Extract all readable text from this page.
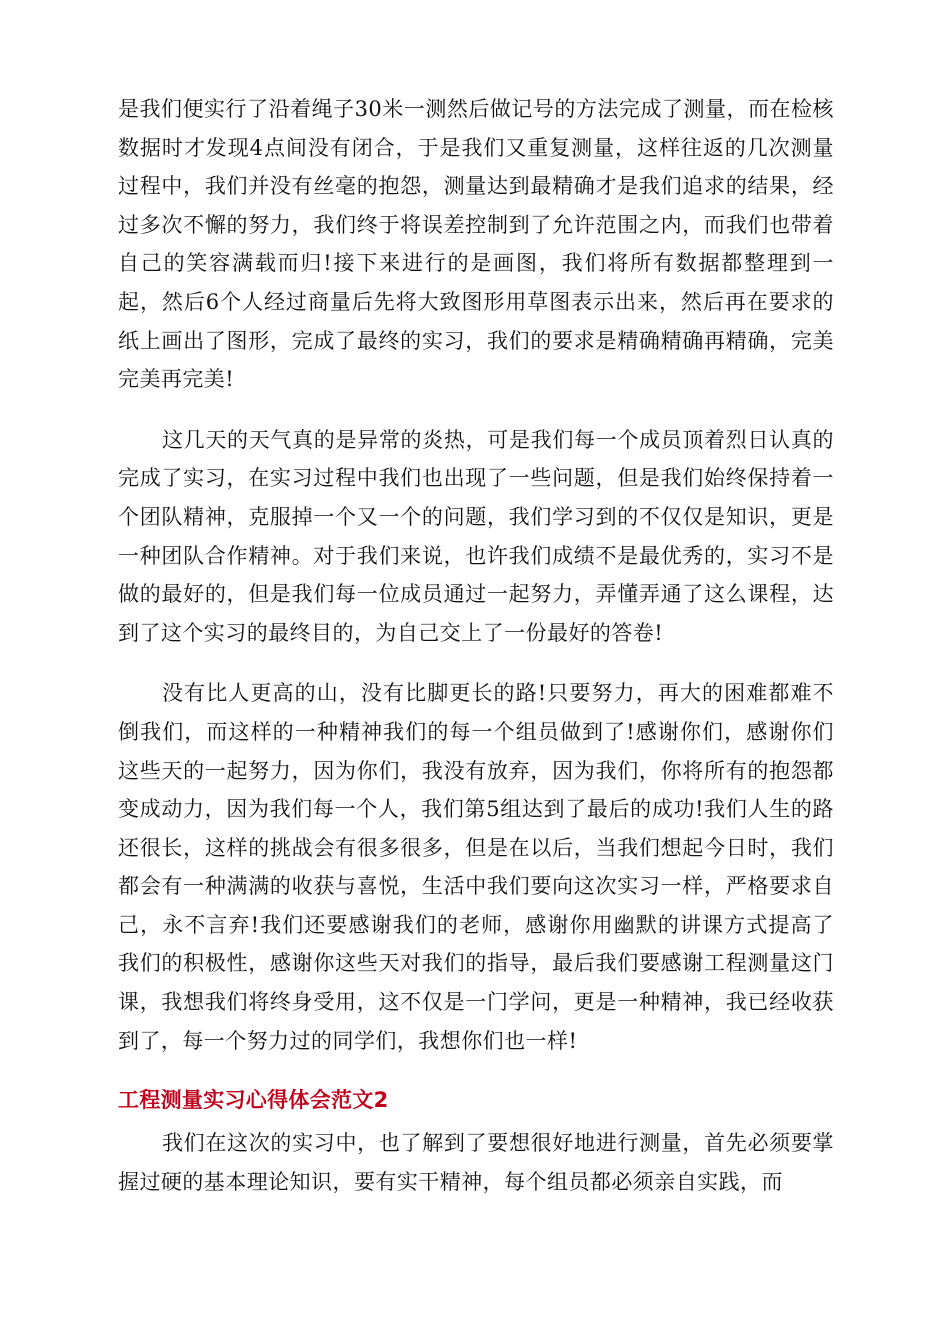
是我们便实行了沿着绳子30米一测然后做记号的方法完成了测量，而在检核数据时才发现4点间没有闭合，于是我们又重复测量，这样往返的几次测量过程中，我们并没有丝毫的抱怨，测量达到最精确才是我们追求的结果，经过多次不懈的努力，我们终于将误差控制到了允许范围之内，而我们也带着自己的笑容满载而归!接下来进行的是画图，我们将所有数据都整理到一起，然后6个人经过商量后先将大致图形用草图表示出来，然后再在要求的纸上画出了图形，完成了最终的实习，我们的要求是精确精确再精确，完美完美再完美!

这几天的天气真的是异常的炎热，可是我们每一个成员顶着烈日认真的完成了实习，在实习过程中我们也出现了一些问题，但是我们始终保持着一个团队精神，克服掉一个又一个的问题，我们学习到的不仅仅是知识，更是一种团队合作精神。对于我们来说，也许我们成绩不是最优秀的，实习不是做的最好的，但是我们每一位成员通过一起努力，弄懂弄通了这么课程，达到了这个实习的最终目的，为自己交上了一份最好的答卷!

没有比人更高的山，没有比脚更长的路!只要努力，再大的困难都难不倒我们，而这样的一种精神我们的每一个组员做到了!感谢你们，感谢你们这些天的一起努力，因为你们，我没有放弃，因为我们，你将所有的抱怨都变成动力，因为我们每一个人，我们第5组达到了最后的成功!我们人生的路还很长，这样的挑战会有很多很多，但是在以后，当我们想起今日时，我们都会有一种满满的收获与喜悦，生活中我们要向这次实习一样，严格要求自己，永不言弃!我们还要感谢我们的老师，感谢你用幽默的讲课方式提高了我们的积极性，感谢你这些天对我们的指导，最后我们要感谢工程测量这门课，我想我们将终身受用，这不仅是一门学问，更是一种精神，我已经收获到了，每一个努力过的同学们，我想你们也一样!

工程测量实习心得体会范文2

我们在这次的实习中，也了解到了要想很好地进行测量，首先必须要掌握过硬的基本理论知识，要有实干精神，每个组员都必须亲自实践，而
